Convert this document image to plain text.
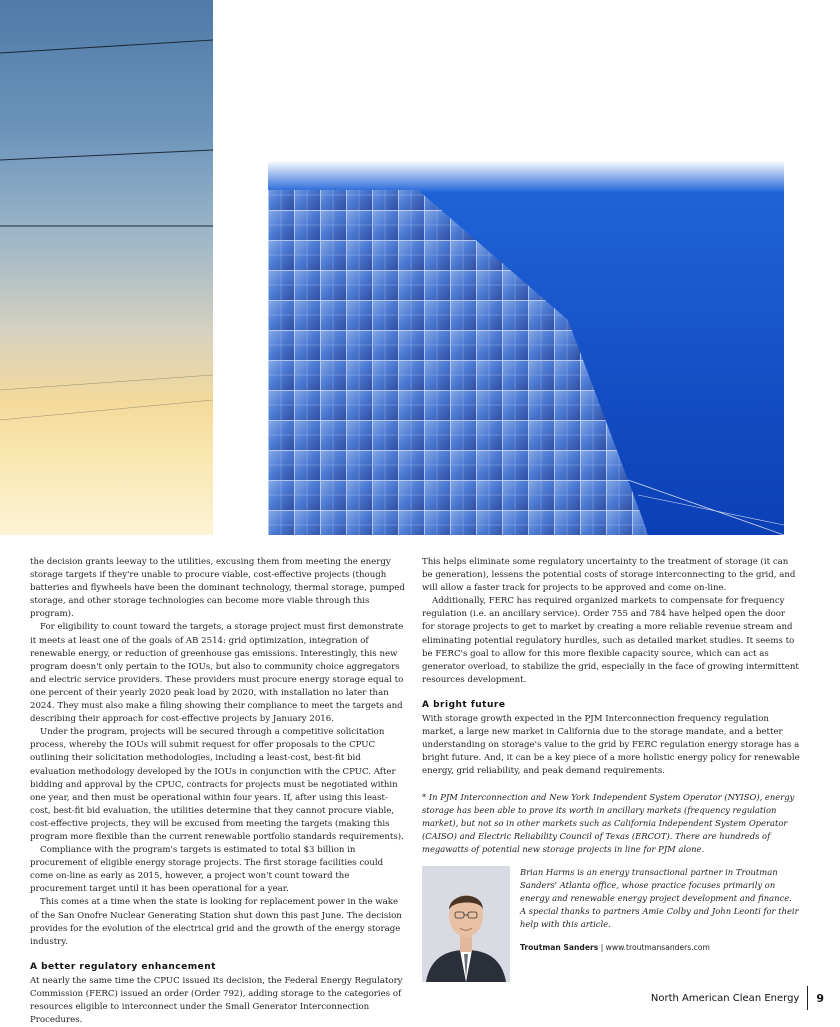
the decision grants leeway to the utilities, excusing them from meeting the energy storage targets if they're unable to procure viable, cost-effective projects (though batteries and flywheels have been the dominant technology, thermal storage, pumped storage, and other storage technologies can become more viable through this program).

For eligibility to count toward the targets, a storage project must first demonstrate it meets at least one of the goals of AB 2514: grid optimization, integration of renewable energy, or reduction of greenhouse gas emissions. Interestingly, this new program doesn't only pertain to the IOUs, but also to community choice aggregators and electric service providers. These providers must procure energy storage equal to one percent of their yearly 2020 peak load by 2020, with installation no later than 2024. They must also make a filing showing their compliance to meet the targets and describing their approach for cost-effective projects by January 2016.

Under the program, projects will be secured through a competitive solicitation process, whereby the IOUs will submit request for offer proposals to the CPUC outlining their solicitation methodologies, including a least-cost, best-fit bid evaluation methodology developed by the IOUs in conjunction with the CPUC. After bidding and approval by the CPUC, contracts for projects must be negotiated within one year, and then must be operational within four years. If, after using this least-cost, best-fit bid evaluation, the utilities determine that they cannot procure viable, cost-effective projects, they will be excused from meeting the targets (making this program more flexible than the current renewable portfolio standards requirements).

Compliance with the program's targets is estimated to total $3 billion in procurement of eligible energy storage projects. The first storage facilities could come on-line as early as 2015, however, a project won't count toward the procurement target until it has been operational for a year.

This comes at a time when the state is looking for replacement power in the wake of the San Onofre Nuclear Generating Station shut down this past June. The decision provides for the evolution of the electrical grid and the growth of the energy storage industry.

A better regulatory enhancement

At nearly the same time the CPUC issued its decision, the Federal Energy Regulatory Commission (FERC) issued an order (Order 792), adding storage to the categories of resources eligible to interconnect under the Small Generator Interconnection Procedures.

This helps eliminate some regulatory uncertainty to the treatment of storage (it can be generation), lessens the potential costs of storage interconnecting to the grid, and will allow a faster track for projects to be approved and come on-line.

Additionally, FERC has required organized markets to compensate for frequency regulation (i.e. an ancillary service). Order 755 and 784 have helped open the door for storage projects to get to market by creating a more reliable revenue stream and eliminating potential regulatory hurdles, such as detailed market studies. It seems to be FERC's goal to allow for this more flexible capacity source, which can act as generator overload, to stabilize the grid, especially in the face of growing intermittent resources development.

A bright future

With storage growth expected in the PJM Interconnection frequency regulation market, a large new market in California due to the storage mandate, and a better understanding on storage's value to the grid by FERC regulation energy storage has a bright future. And, it can be a key piece of a more holistic energy policy for renewable energy, grid reliability, and peak demand requirements.

* In PJM Interconnection and New York Independent System Operator (NYISO), energy storage has been able to prove its worth in ancillary markets (frequency regulation market), but not so in other markets such as California Independent System Operator (CAISO) and Electric Reliability Council of Texas (ERCOT). There are hundreds of megawatts of potential new storage projects in line for PJM alone.

Brian Harms is an energy transactional partner in Troutman Sanders' Atlanta office, whose practice focuses primarily on energy and renewable energy project development and finance. A special thanks to partners Amie Colby and John Leonti for their help with this article.

Troutman Sanders | www.troutmansanders.com
North American Clean Energy 9
